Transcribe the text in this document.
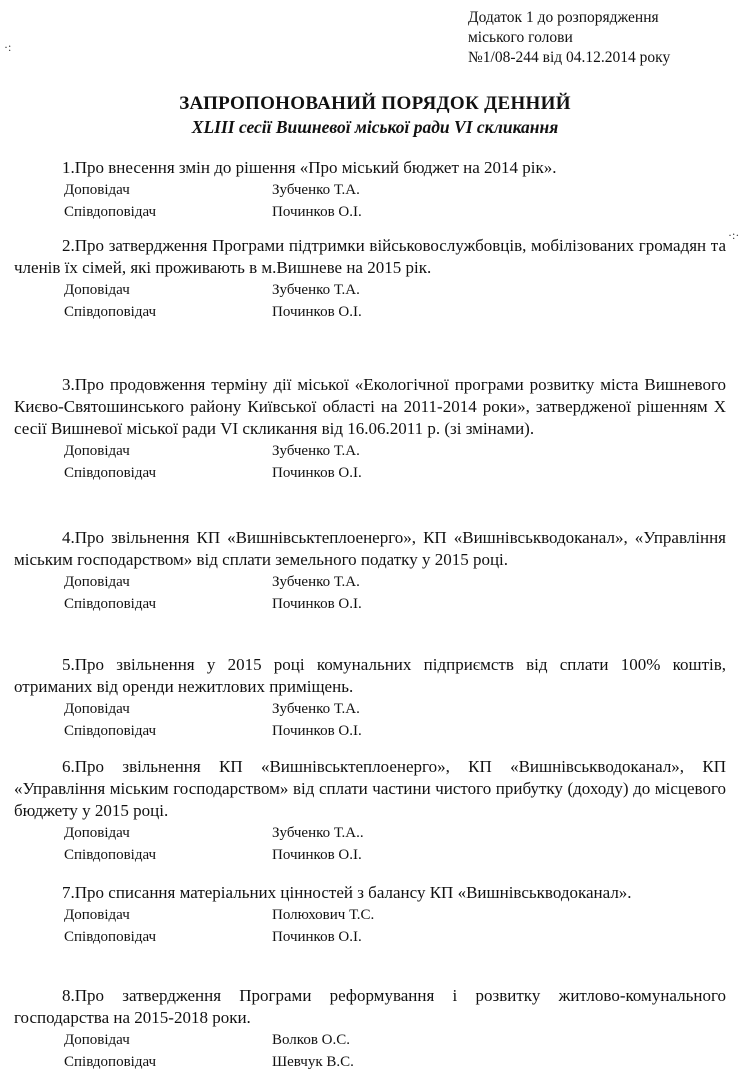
·:
·:·
Додаток 1 до розпорядження
міського голови
№1/08-244 від 04.12.2014 року
ЗАПРОПОНОВАНИЙ ПОРЯДОК ДЕННИЙ
XLIII сесії Вишневої міської ради VI скликання

1.Про внесення змін до рішення «Про міський бюджет на 2014 рік».

Доповідач	Зубченко Т.А.
Співдоповідач	Починков О.І.

2.Про затвердження Програми підтримки військовослужбовців, мобілізованих громадян та членів їх сімей, які проживають в м.Вишневе на 2015 рік.

Доповідач	Зубченко Т.А.
Співдоповідач	Починков О.І.

3.Про продовження терміну дії міської «Екологічної програми розвитку міста Вишневого Києво-Святошинського району Київської області на 2011-2014 роки», затвердженої рішенням Х сесії Вишневої міської ради VI скликання від 16.06.2011 р. (зі змінами).

Доповідач	Зубченко Т.А.
Співдоповідач	Починков О.І.

4.Про звільнення КП «Вишнівськтеплоенерго», КП «Вишнівськводоканал», «Управління міським господарством» від сплати земельного податку у 2015 році.

Доповідач	Зубченко Т.А.
Співдоповідач	Починков О.І.

5.Про звільнення у 2015 році комунальних підприємств від сплати 100% коштів, отриманих від оренди нежитлових приміщень.

Доповідач	Зубченко Т.А.
Співдоповідач	Починков О.І.

6.Про звільнення КП «Вишнівськтеплоенерго», КП «Вишнівськводоканал», КП «Управління міським господарством» від сплати частини чистого прибутку (доходу) до місцевого бюджету у 2015 році.

Доповідач	Зубченко Т.А..
Співдоповідач	Починков О.І.

7.Про списання матеріальних цінностей з балансу КП «Вишнівськводоканал».

Доповідач	Полюхович Т.С.
Співдоповідач	Починков О.І.

8.Про затвердження Програми реформування і розвитку житлово-комунального господарства на 2015-2018 роки.

Доповідач	Волков О.С.
Співдоповідач	Шевчук В.С.
